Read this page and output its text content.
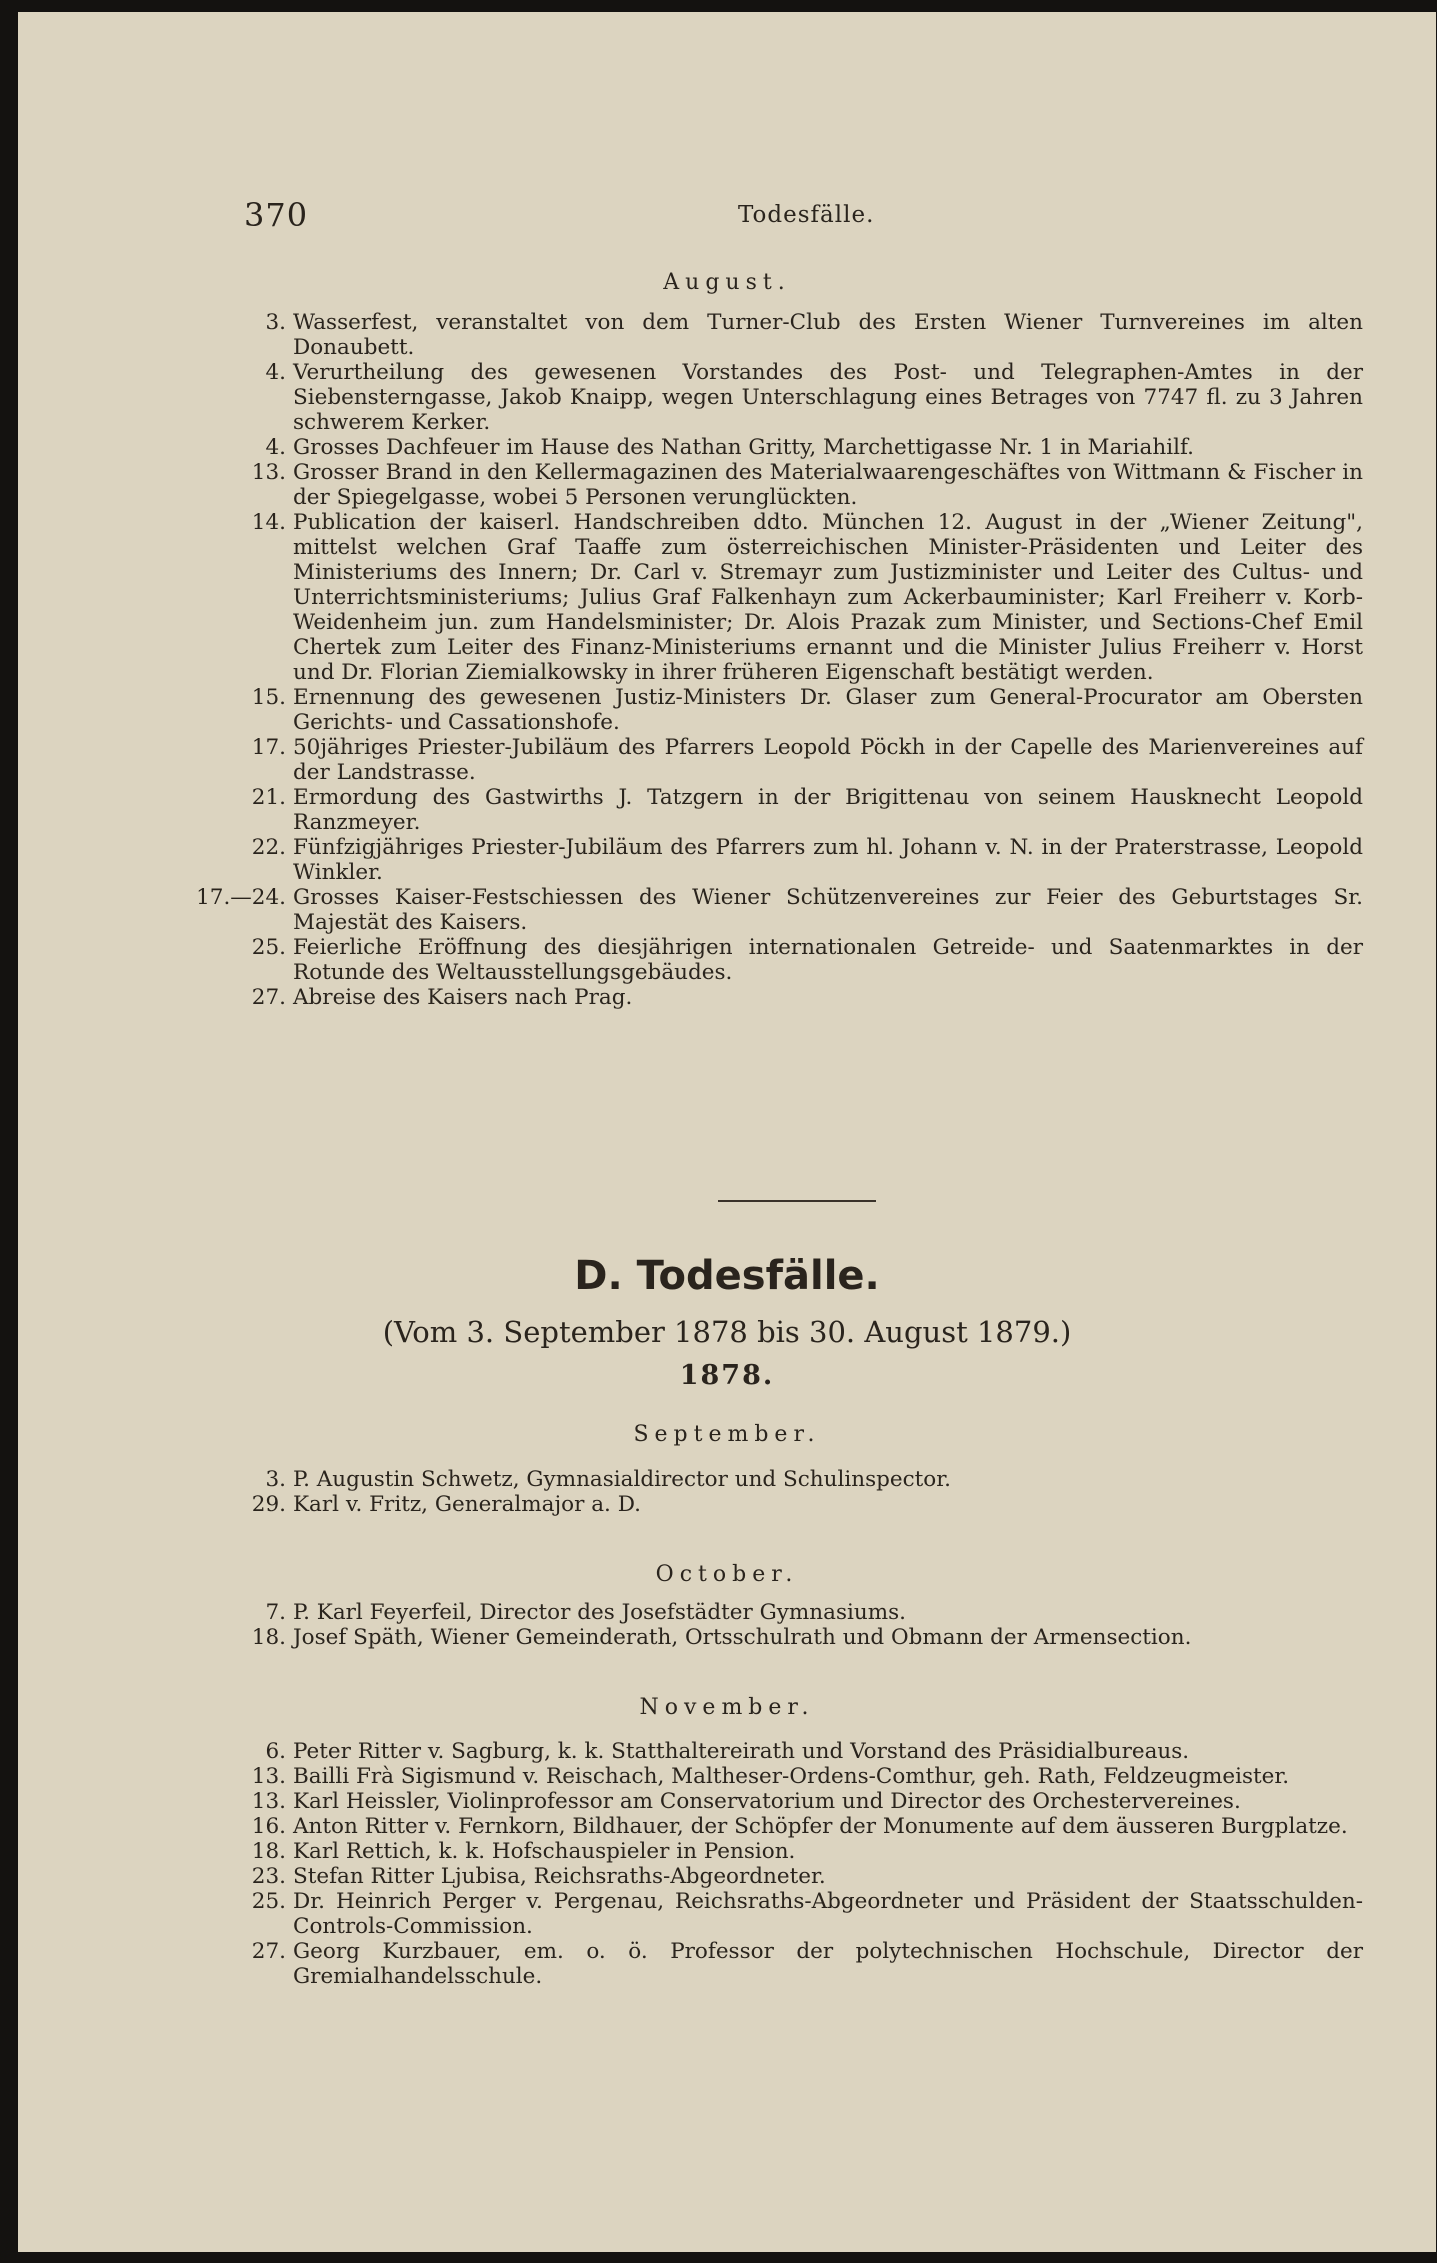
370	Todesfälle.
August.
3. Wasserfest, veranstaltet von dem Turner-Club des Ersten Wiener Turnvereines im alten Donaubett.
4. Verurtheilung des gewesenen Vorstandes des Post- und Telegraphen-Amtes in der Siebensterngasse, Jakob Knaipp, wegen Unterschlagung eines Betrages von 7747 fl. zu 3 Jahren schwerem Kerker.
4. Grosses Dachfeuer im Hause des Nathan Gritty, Marchettigasse Nr. 1 in Mariahilf.
13. Grosser Brand in den Kellermagazinen des Materialwaarengeschäftes von Wittmann & Fischer in der Spiegelgasse, wobei 5 Personen verunglückten.
14. Publication der kaiserl. Handschreiben ddto. München 12. August in der „Wiener Zeitung", mittelst welchen Graf Taaffe zum österreichischen Minister-Präsidenten und Leiter des Ministeriums des Innern; Dr. Carl v. Stremayr zum Justizminister und Leiter des Cultus- und Unterrichtsministeriums; Julius Graf Falkenhayn zum Ackerbauminister; Karl Freiherr v. Korb-Weidenheim jun. zum Handelsminister; Dr. Alois Prazak zum Minister, und Sections-Chef Emil Chertek zum Leiter des Finanz-Ministeriums ernannt und die Minister Julius Freiherr v. Horst und Dr. Florian Ziemialkowsky in ihrer früheren Eigenschaft bestätigt werden.
15. Ernennung des gewesenen Justiz-Ministers Dr. Glaser zum General-Procurator am Obersten Gerichts- und Cassationshofe.
17. 50jähriges Priester-Jubiläum des Pfarrers Leopold Pöckh in der Capelle des Marienvereines auf der Landstrasse.
21. Ermordung des Gastwirths J. Tatzgern in der Brigittenau von seinem Hausknecht Leopold Ranzmeyer.
22. Fünfzigjähriges Priester-Jubiläum des Pfarrers zum hl. Johann v. N. in der Praterstrasse, Leopold Winkler.
17.—24. Grosses Kaiser-Festschiessen des Wiener Schützenvereines zur Feier des Geburtstages Sr. Majestät des Kaisers.
25. Feierliche Eröffnung des diesjährigen internationalen Getreide- und Saatenmarktes in der Rotunde des Weltausstellungsgebäudes.
27. Abreise des Kaisers nach Prag.
D. Todesfälle.
(Vom 3. September 1878 bis 30. August 1879.)
1878.
September.
3. P. Augustin Schwetz, Gymnasialdirector und Schulinspector.
29. Karl v. Fritz, Generalmajor a. D.
October.
7. P. Karl Feyerfeil, Director des Josefstädter Gymnasiums.
18. Josef Späth, Wiener Gemeinderath, Ortsschulrath und Obmann der Armensection.
November.
6. Peter Ritter v. Sagburg, k. k. Statthaltereirath und Vorstand des Präsidialbureaus.
13. Bailli Frà Sigismund v. Reischach, Maltheser-Ordens-Comthur, geh. Rath, Feldzeugmeister.
13. Karl Heissler, Violinprofessor am Conservatorium und Director des Orchestervereines.
16. Anton Ritter v. Fernkorn, Bildhauer, der Schöpfer der Monumente auf dem äusseren Burgplatze.
18. Karl Rettich, k. k. Hofschauspieler in Pension.
23. Stefan Ritter Ljubisa, Reichsraths-Abgeordneter.
25. Dr. Heinrich Perger v. Pergenau, Reichsraths-Abgeordneter und Präsident der Staatsschulden-Controls-Commission.
27. Georg Kurzbauer, em. o. ö. Professor der polytechnischen Hochschule, Director der Gremialhandelsschule.
